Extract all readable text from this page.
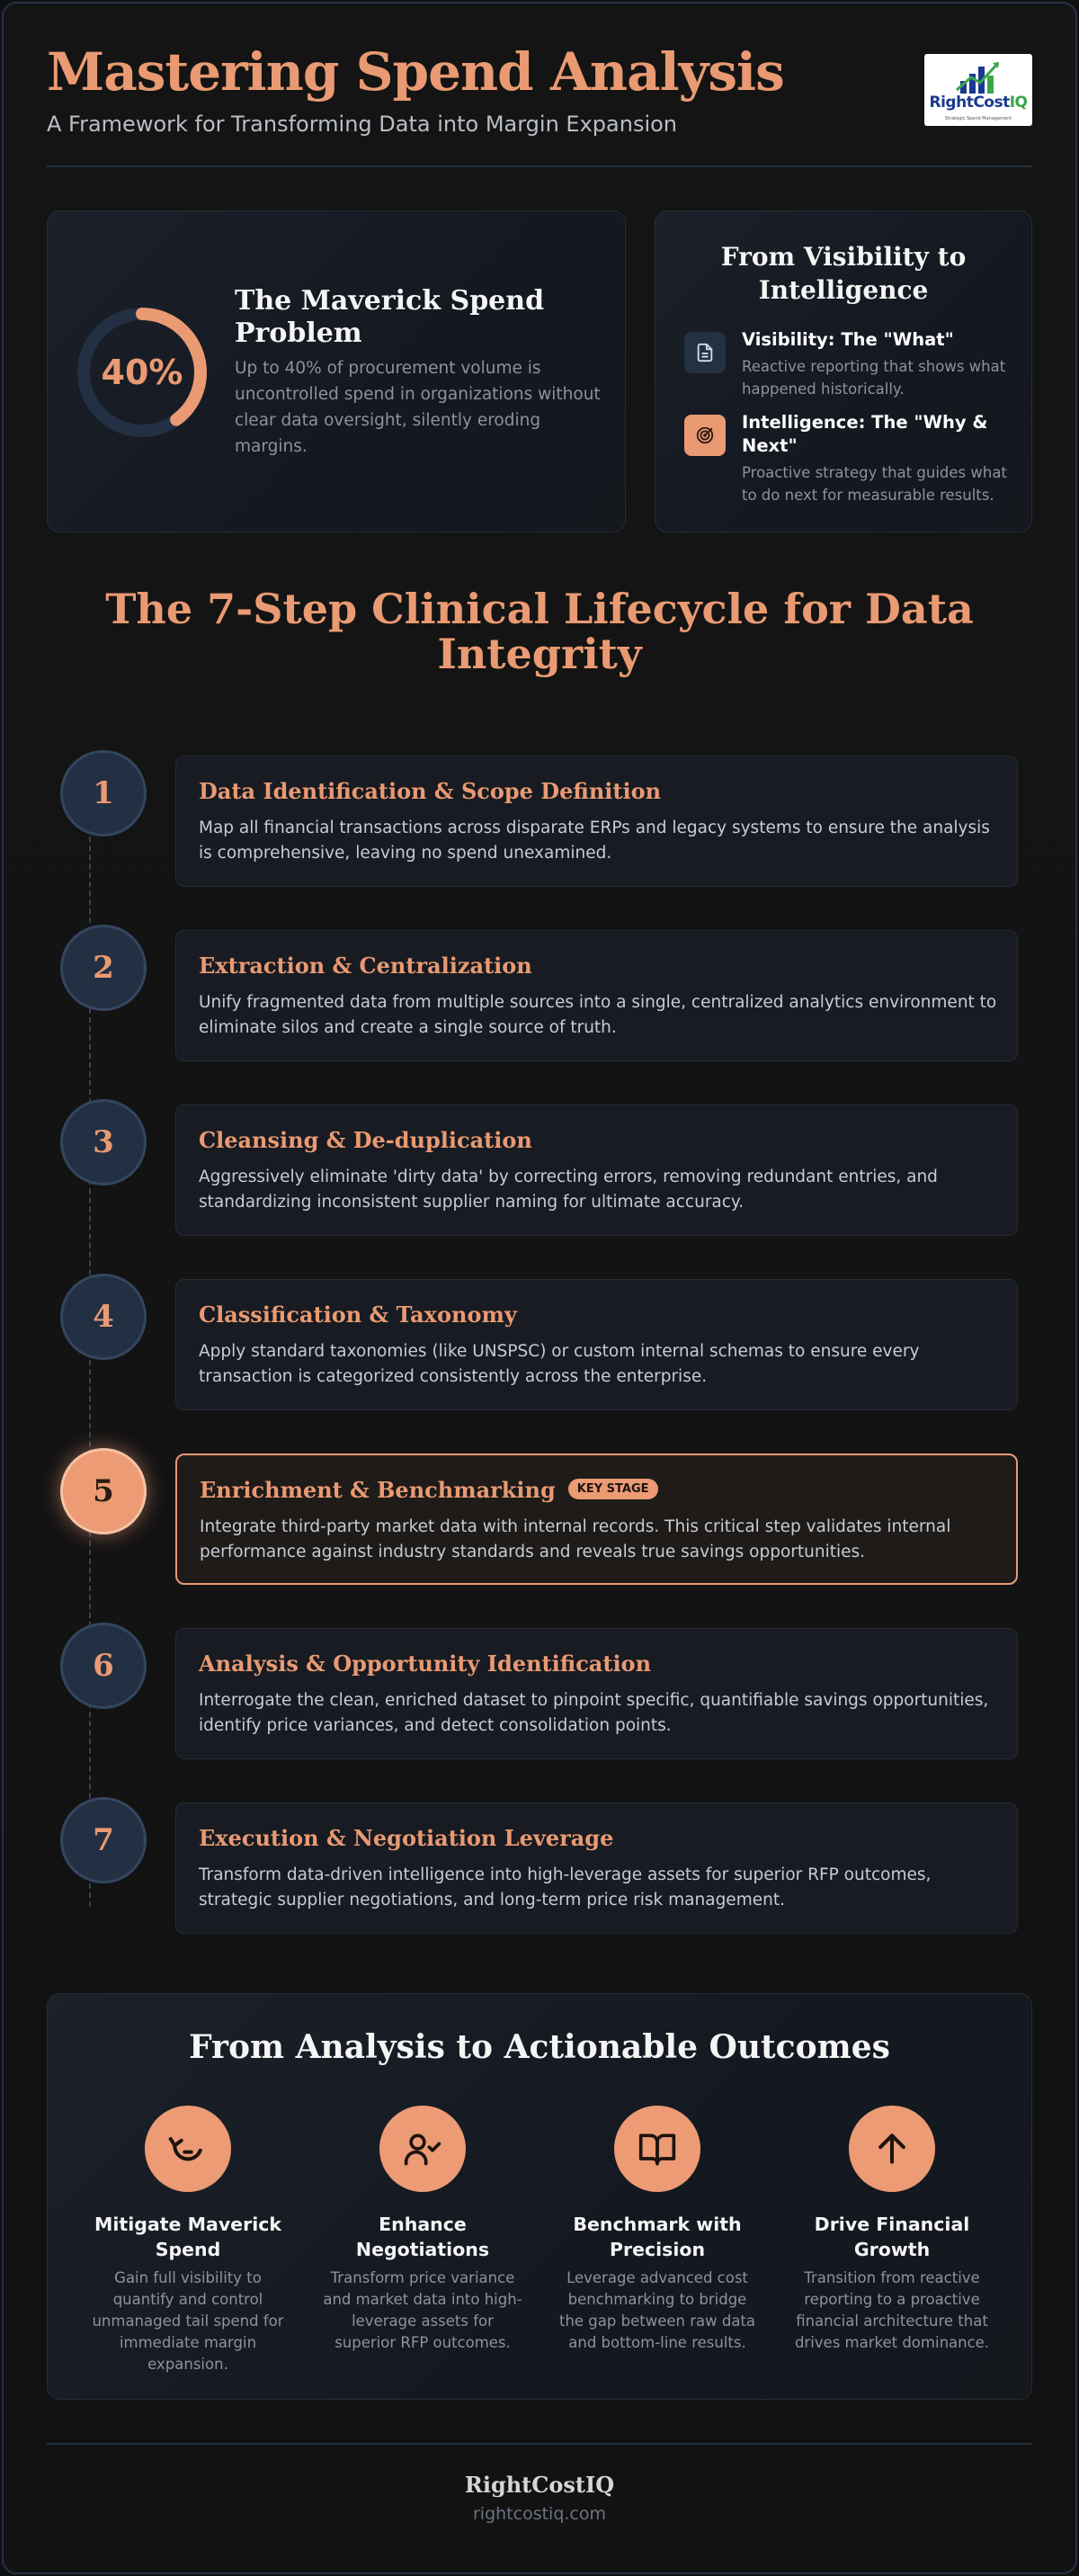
Mastering Spend Analysis
A Framework for Transforming Data into Margin Expansion
RightCostIQ
Strategic Spend Management
40%
The Maverick Spend Problem
Up to 40% of procurement volume is uncontrolled spend in organizations without clear data oversight, silently eroding margins.
From Visibility to Intelligence
Visibility: The "What"
Reactive reporting that shows what happened historically.
Intelligence: The "Why & Next"
Proactive strategy that guides what to do next for measurable results.
The 7-Step Clinical Lifecycle for Data Integrity
1	Data Identification & Scope Definition
Map all financial transactions across disparate ERPs and legacy systems to ensure the analysis is comprehensive, leaving no spend unexamined.
2	Extraction & Centralization
Unify fragmented data from multiple sources into a single, centralized analytics environment to eliminate silos and create a single source of truth.
3	Cleansing & De-duplication
Aggressively eliminate 'dirty data' by correcting errors, removing redundant entries, and standardizing inconsistent supplier naming for ultimate accuracy.
4	Classification & Taxonomy
Apply standard taxonomies (like UNSPSC) or custom internal schemas to ensure every transaction is categorized consistently across the enterprise.
5	Enrichment & Benchmarking KEY STAGE
Integrate third-party market data with internal records. This critical step validates internal performance against industry standards and reveals true savings opportunities.
6	Analysis & Opportunity Identification
Interrogate the clean, enriched dataset to pinpoint specific, quantifiable savings opportunities, identify price variances, and detect consolidation points.
7	Execution & Negotiation Leverage
Transform data-driven intelligence into high-leverage assets for superior RFP outcomes, strategic supplier negotiations, and long-term price risk management.
From Analysis to Actionable Outcomes
Mitigate Maverick Spend
Gain full visibility to quantify and control unmanaged tail spend for immediate margin expansion.
Enhance Negotiations
Transform price variance and market data into high-leverage assets for superior RFP outcomes.
Benchmark with Precision
Leverage advanced cost benchmarking to bridge the gap between raw data and bottom-line results.
Drive Financial Growth
Transition from reactive reporting to a proactive financial architecture that drives market dominance.
RightCostIQ
rightcostiq.com
